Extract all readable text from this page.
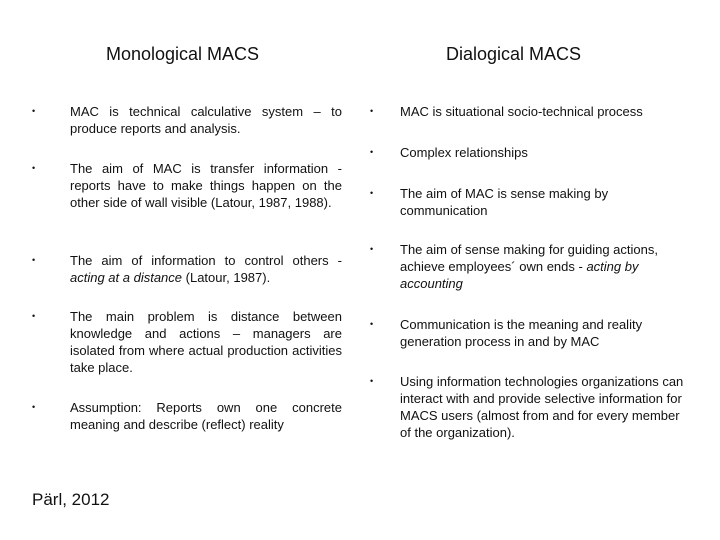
Monological MACS	Dialogical MACS
•	MAC is technical calculative system – to produce reports and analysis.
•	The aim of MAC is transfer information - reports have to make things happen on the other side of wall visible (Latour, 1987, 1988).
•	The aim of information to control others - acting at a distance (Latour, 1987).
•	The main problem is distance between knowledge and actions – managers are isolated from where actual production activities take place.
•	Assumption: Reports own one concrete meaning and describe (reflect) reality
• MAC is situational socio-technical process
• Complex relationships
• The aim of MAC is sense making by communication
• The aim of sense making for guiding actions, achieve employees´ own ends - acting by accounting
• Communication is the meaning and reality generation process in and by MAC
• Using information technologies organizations can interact with and provide selective information for MACS users (almost from and for every member of the organization).
Pärl, 2012
